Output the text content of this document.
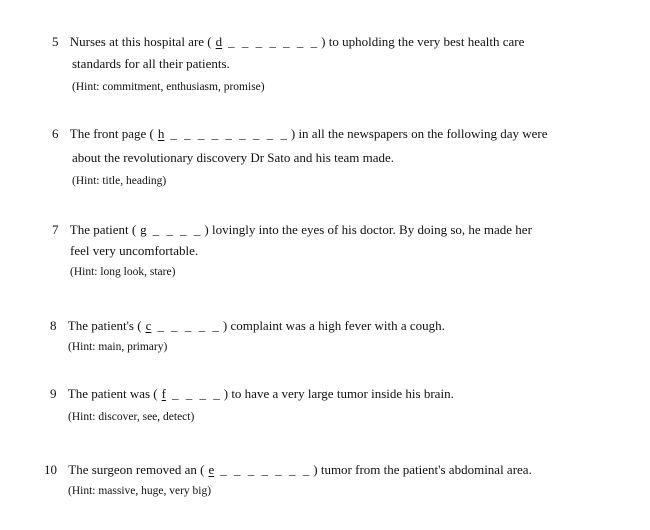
5 Nurses at this hospital are ( d _ _ _ _ _ _ _ ) to upholding the very best health care
standards for all their patients.
(Hint: commitment, enthusiasm, promise)
6 The front page ( h _ _ _ _ _ _ _ _ _ ) in all the newspapers on the following day were
about the revolutionary discovery Dr Sato and his team made.
(Hint: title, heading)
7 The patient ( g _ _ _ _ ) lovingly into the eyes of his doctor. By doing so, he made her
feel very uncomfortable.
(Hint: long look, stare)
8 The patient's ( c _ _ _ _ _ ) complaint was a high fever with a cough.
(Hint: main, primary)
9 The patient was ( f _ _ _ _ ) to have a very large tumor inside his brain.
(Hint: discover, see, detect)
10 The surgeon removed an ( e _ _ _ _ _ _ _ ) tumor from the patient's abdominal area.
(Hint: massive, huge, very big)
